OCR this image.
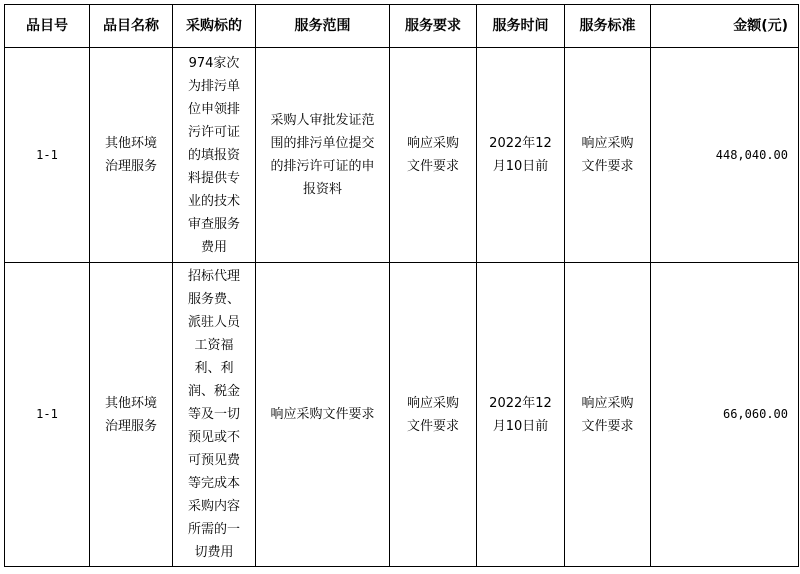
品目号	品目名称	采购标的	服务范围	服务要求	服务时间	服务标准	金额(元)
1-1	其他环境治理服务	974家次为排污单位申领排污许可证的填报资料提供专业的技术审查服务费用	采购人审批发证范围的排污单位提交的排污许可证的申报资料	响应采购文件要求	2022年12月10日前	响应采购文件要求	448,040.00
1-1	其他环境治理服务	招标代理服务费、派驻人员工资福利、利润、税金等及一切预见或不可预见费等完成本采购内容所需的一切费用	响应采购文件要求	响应采购文件要求	2022年12月10日前	响应采购文件要求	66,060.00
